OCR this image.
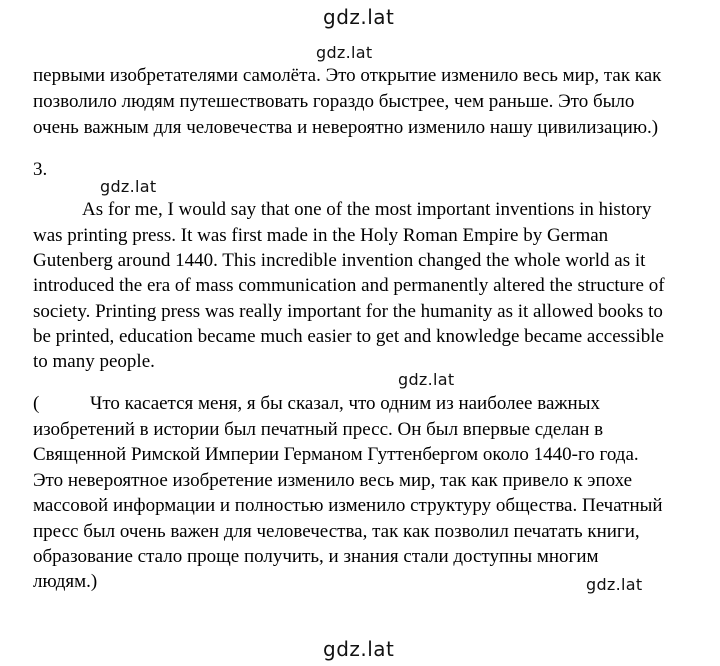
gdz.lat
gdz.lat
первыми изобретателями самолёта. Это открытие изменило весь мир, так как
позволило людям путешествовать гораздо быстрее, чем раньше. Это было
очень важным для человечества и невероятно изменило нашу цивилизацию.)
3.
gdz.lat
As for me, I would say that one of the most important inventions in history
was printing press. It was first made in the Holy Roman Empire by German
Gutenberg around 1440. This incredible invention changed the whole world as it
introduced the era of mass communication and permanently altered the structure of
society. Printing press was really important for the humanity as it allowed books to
be printed, education became much easier to get and knowledge became accessible
to many people.
gdz.lat
(	Что касается меня, я бы сказал, что одним из наиболее важных
изобретений в истории был печатный пресс. Он был впервые сделан в
Священной Римской Империи Германом Гуттенбергом около 1440-го года.
Это невероятное изобретение изменило весь мир, так как привело к эпохе
массовой информации и полностью изменило структуру общества. Печатный
пресс был очень важен для человечества, так как позволил печатать книги,
образование стало проще получить, и знания стали доступны многим
людям.)	gdz.lat
gdz.lat
